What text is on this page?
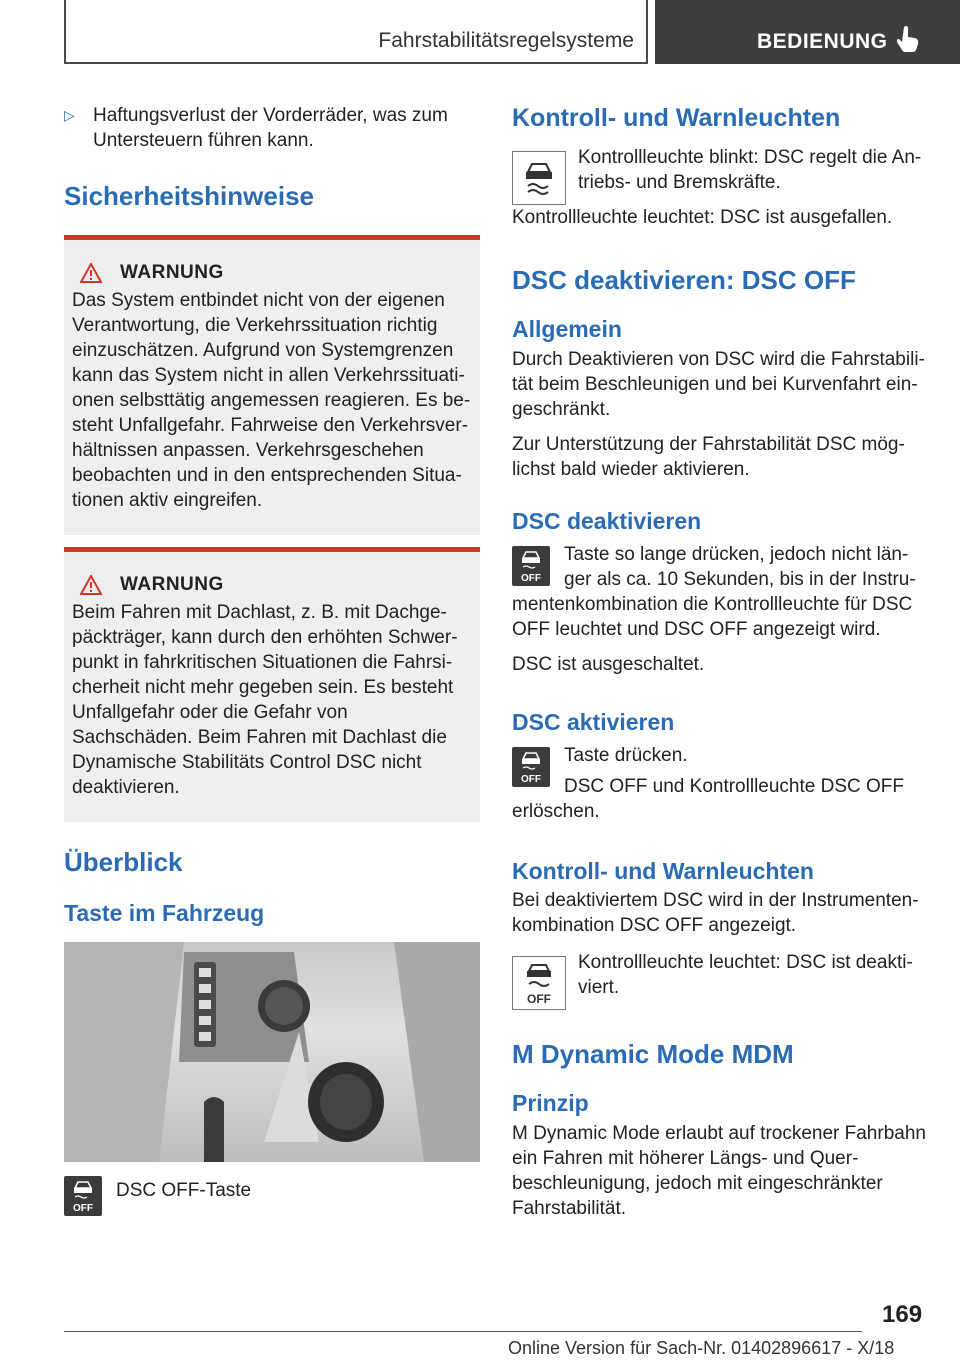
Fahrstabilitätsregelsysteme	BEDIENUNG
▷ Haftungsverlust der Vorderräder, was zum Untersteuern führen kann.

Sicherheitshinweise
WARNUNG

Das System entbindet nicht von der eigenen Verantwortung, die Verkehrssituation richtig einzuschätzen. Aufgrund von Systemgrenzen kann das System nicht in allen Verkehrssituationen selbsttätig angemessen reagieren. Es besteht Unfallgefahr. Fahrweise den Verkehrsverhältnissen anpassen. Verkehrsgeschehen beobachten und in den entsprechenden Situationen aktiv eingreifen.

WARNUNG

Beim Fahren mit Dachlast, z. B. mit Dachgepäckträger, kann durch den erhöhten Schwerpunkt in fahrkritischen Situationen die Fahrsicherheit nicht mehr gegeben sein. Es besteht Unfallgefahr oder die Gefahr von Sachschäden. Beim Fahren mit Dachlast die Dynamische Stabilitäts Control DSC nicht deaktivieren.

Überblick
Taste im Fahrzeug
OFF

DSC OFF-Taste

Kontroll- und Warnleuchten

Kontrollleuchte blinkt: DSC regelt die Antriebs- und Bremskräfte.

Kontrollleuchte leuchtet: DSC ist ausgefallen.

DSC deaktivieren: DSC OFF
Allgemein

Durch Deaktivieren von DSC wird die Fahrstabilität beim Beschleunigen und bei Kurvenfahrt eingeschränkt.

Zur Unterstützung der Fahrstabilität DSC möglichst bald wieder aktivieren.

DSC deaktivieren
OFF

Taste so lange drücken, jedoch nicht länger als ca. 10 Sekunden, bis in der Instrumentenkombination die Kontrollleuchte für DSC OFF leuchtet und DSC OFF angezeigt wird.

DSC ist ausgeschaltet.

DSC aktivieren
OFF

Taste drücken.

DSC OFF und Kontrollleuchte DSC OFF erlöschen.

Kontroll- und Warnleuchten

Bei deaktiviertem DSC wird in der Instrumentenkombination DSC OFF angezeigt.

OFF

Kontrollleuchte leuchtet: DSC ist deaktiviert.

M Dynamic Mode MDM
Prinzip

M Dynamic Mode erlaubt auf trockener Fahrbahn ein Fahren mit höherer Längs- und Querbeschleunigung, jedoch mit eingeschränkter Fahrstabilität.

169
Online Version für Sach-Nr. 01402896617 - X/18
